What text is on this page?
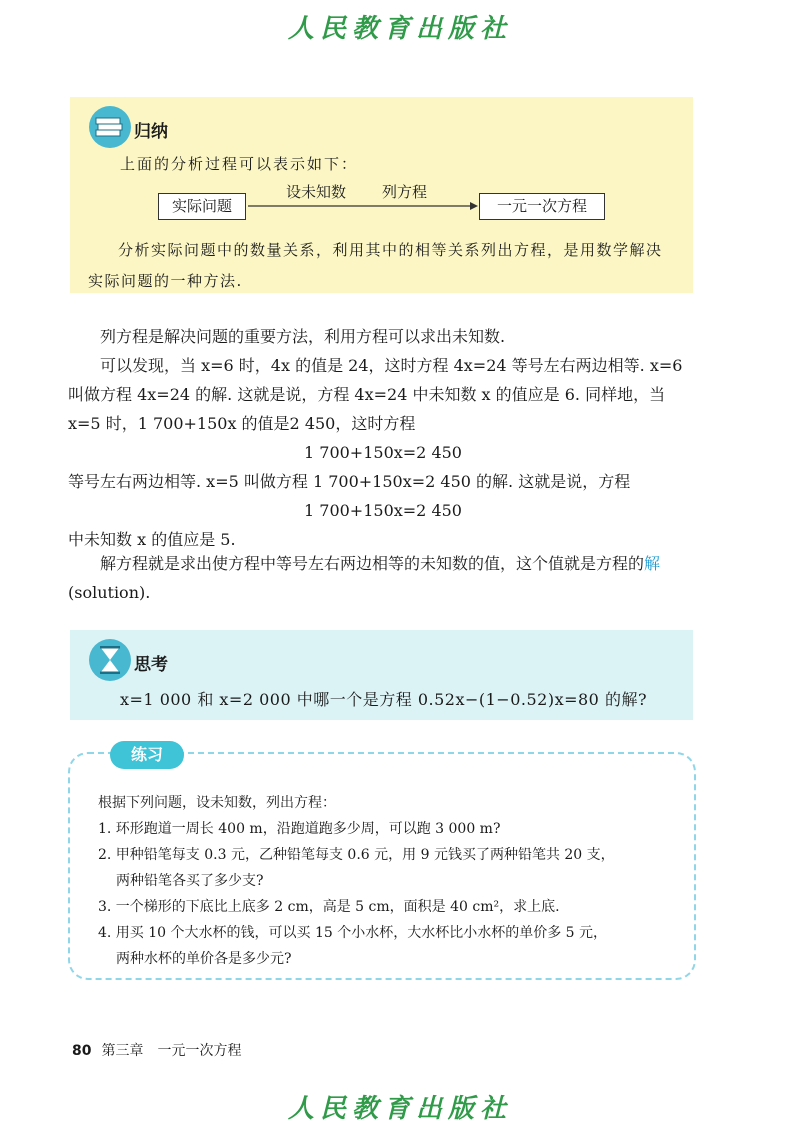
人民教育出版社
归纳
上面的分析过程可以表示如下：
实际问题
设未知数 列方程
一元一次方程
分析实际问题中的数量关系，利用其中的相等关系列出方程，是用数学解决实际问题的一种方法.

列方程是解决问题的重要方法，利用方程可以求出未知数.

可以发现，当 x=6 时，4x 的值是 24，这时方程 4x=24 等号左右两边相等. x=6 叫做方程 4x=24 的解. 这就是说，方程 4x=24 中未知数 x 的值应是 6. 同样地，当 x=5 时，1 700+150x 的值是2 450，这时方程

1 700+150x=2 450

等号左右两边相等. x=5 叫做方程 1 700+150x=2 450 的解. 这就是说，方程

1 700+150x=2 450

中未知数 x 的值应是 5.

解方程就是求出使方程中等号左右两边相等的未知数的值，这个值就是方程的解(solution).

思考
x=1 000 和 x=2 000 中哪一个是方程 0.52x−(1−0.52)x=80 的解?
练习

根据下列问题，设未知数，列出方程：

1. 环形跑道一周长 400 m，沿跑道跑多少周，可以跑 3 000 m?

2. 甲种铅笔每支 0.3 元，乙种铅笔每支 0.6 元，用 9 元钱买了两种铅笔共 20 支，

两种铅笔各买了多少支?

3. 一个梯形的下底比上底多 2 cm，高是 5 cm，面积是 40 cm²，求上底.

4. 用买 10 个大水杯的钱，可以买 15 个小水杯，大水杯比小水杯的单价多 5 元，

两种水杯的单价各是多少元?

80 第三章　一元一次方程
人民教育出版社
